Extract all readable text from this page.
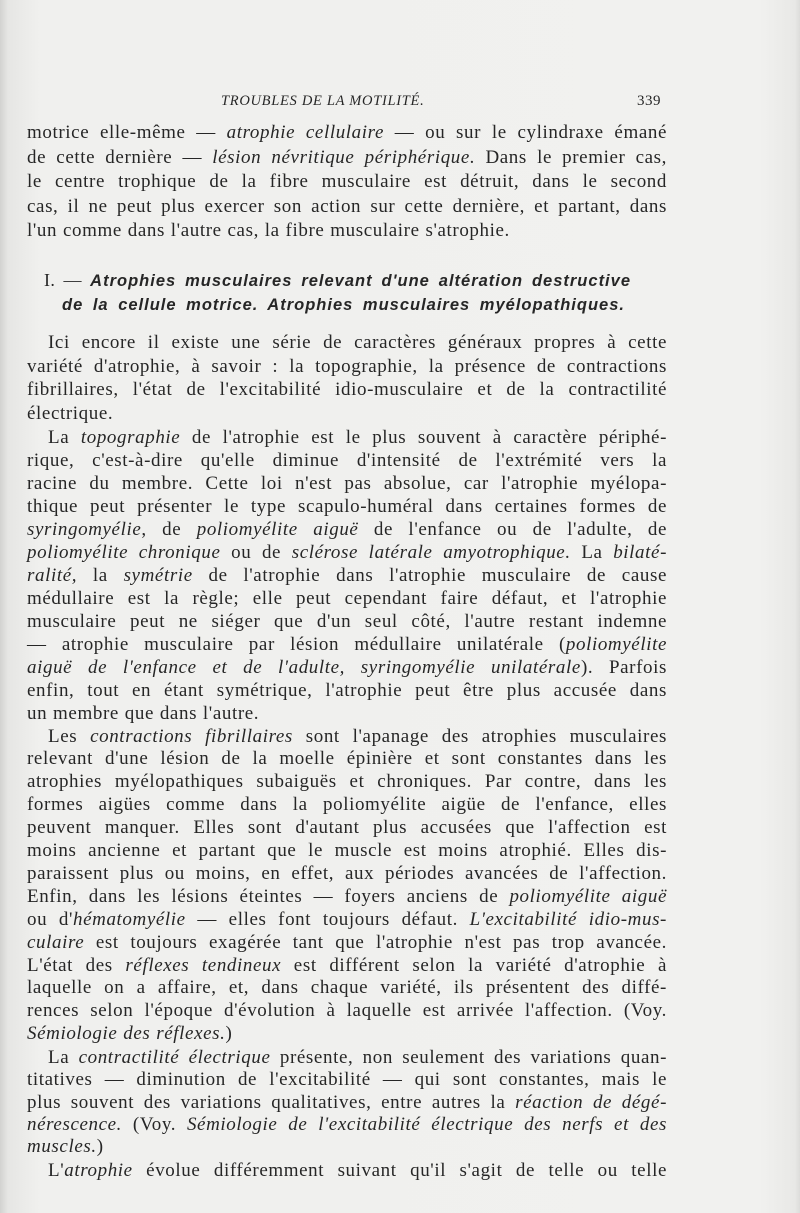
TROUBLES DE LA MOTILITÉ.	339
motrice elle-même — atrophie cellulaire — ou sur le cylindraxe émané
de cette dernière — lésion névritique périphérique. Dans le premier cas,
le centre trophique de la fibre musculaire est détruit, dans le second
cas, il ne peut plus exercer son action sur cette dernière, et partant, dans
l'un comme dans l'autre cas, la fibre musculaire s'atrophie.
I. — Atrophies musculaires relevant d'une altération destructive
de la cellule motrice. Atrophies musculaires myélopathiques.
Ici encore il existe une série de caractères généraux propres à cette
variété d'atrophie, à savoir : la topographie, la présence de contractions
fibrillaires, l'état de l'excitabilité idio-musculaire et de la contractilité
électrique.
La topographie de l'atrophie est le plus souvent à caractère périphé-
rique, c'est-à-dire qu'elle diminue d'intensité de l'extrémité vers la
racine du membre. Cette loi n'est pas absolue, car l'atrophie myélopa-
thique peut présenter le type scapulo-huméral dans certaines formes de
syringomyélie, de poliomyélite aiguë de l'enfance ou de l'adulte, de
poliomyélite chronique ou de sclérose latérale amyotrophique. La bilaté-
ralité, la symétrie de l'atrophie dans l'atrophie musculaire de cause
médullaire est la règle; elle peut cependant faire défaut, et l'atrophie
musculaire peut ne siéger que d'un seul côté, l'autre restant indemne
— atrophie musculaire par lésion médullaire unilatérale (poliomyélite
aiguë de l'enfance et de l'adulte, syringomyélie unilatérale). Parfois
enfin, tout en étant symétrique, l'atrophie peut être plus accusée dans
un membre que dans l'autre.
Les contractions fibrillaires sont l'apanage des atrophies musculaires
relevant d'une lésion de la moelle épinière et sont constantes dans les
atrophies myélopathiques subaiguës et chroniques. Par contre, dans les
formes aigües comme dans la poliomyélite aigüe de l'enfance, elles
peuvent manquer. Elles sont d'autant plus accusées que l'affection est
moins ancienne et partant que le muscle est moins atrophié. Elles dis-
paraissent plus ou moins, en effet, aux périodes avancées de l'affection.
Enfin, dans les lésions éteintes — foyers anciens de poliomyélite aiguë
ou d'hématomyélie — elles font toujours défaut. L'excitabilité idio-mus-
culaire est toujours exagérée tant que l'atrophie n'est pas trop avancée.
L'état des réflexes tendineux est différent selon la variété d'atrophie à
laquelle on a affaire, et, dans chaque variété, ils présentent des diffé-
rences selon l'époque d'évolution à laquelle est arrivée l'affection. (Voy.
Sémiologie des réflexes.)
La contractilité électrique présente, non seulement des variations quan-
titatives — diminution de l'excitabilité — qui sont constantes, mais le
plus souvent des variations qualitatives, entre autres la réaction de dégé-
nérescence. (Voy. Sémiologie de l'excitabilité électrique des nerfs et des
muscles.)
L'atrophie évolue différemment suivant qu'il s'agit de telle ou telle
